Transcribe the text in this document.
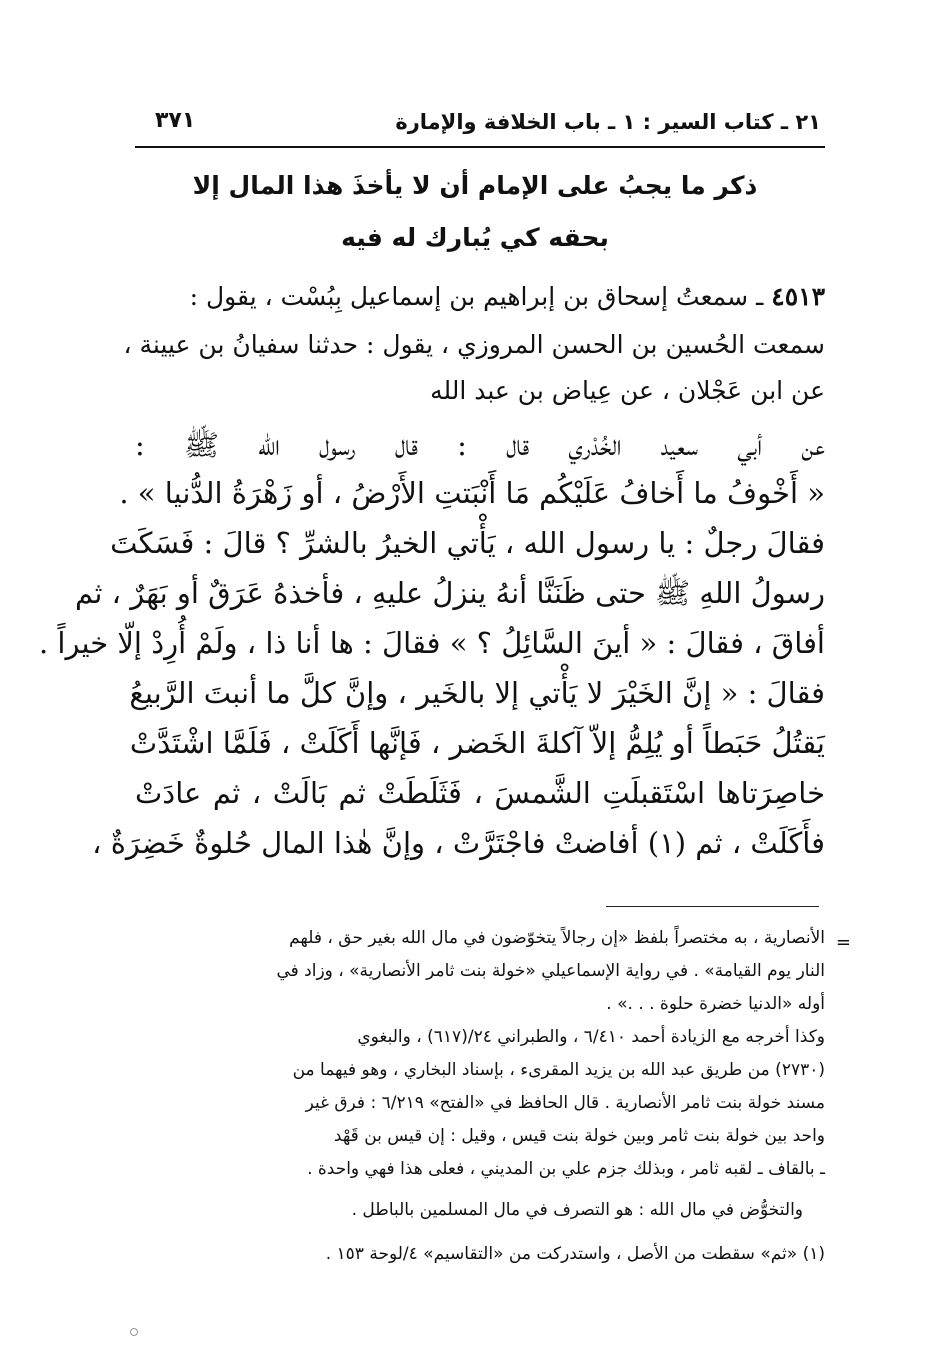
٢١ ـ كتاب السير : ١ ـ باب الخلافة والإمارة
٣٧١
ذكر ما يجبُ على الإمام أن لا يأخذَ هذا المال إلا
بحقه كي يُبارك له فيه
٤٥١٣ ـ سمعتُ إسحاق بن إبراهيم بن إسماعيل بِبُسْت ، يقول :
سمعت الحُسين بن الحسن المروزي ، يقول : حدثنا سفيانُ بن عيينة ،
عن ابن عَجْلان ، عن عِياض بن عبد الله
عن أبي سعيد الخُدْري قال : قال رسول الله ﷺ :
« أَخْوفُ ما أَخافُ عَلَيْكُم مَا أَنْبَتتِ الأَرْضُ ، أو زَهْرَةُ الدُّنيا » .
فقالَ رجلٌ : يا رسول الله ، يَأْتي الخيرُ بالشرِّ ؟ قالَ : فَسَكَتَ
رسولُ اللهِ ﷺ حتى ظَنَنَّا أنهُ ينزلُ عليهِ ، فأخذهُ عَرَقٌ أو بَهَرٌ ، ثم
أفاقَ ، فقالَ : « أينَ السَّائِلُ ؟ » فقالَ : ها أنا ذا ، ولَمْ أُرِدْ إلّا خيراً .
فقالَ : « إنَّ الخَيْرَ لا يَأْتي إلا بالخَير ، وإنَّ كلَّ ما أنبتَ الرَّبيعُ
يَقتُلُ حَبَطاً أو يُلِمُّ إلاّ آكلةَ الخَضر ، فَإنَّها أَكَلَتْ ، فَلَمَّا اشْتَدَّتْ
خاصِرَتاها اسْتَقبلَتِ الشَّمسَ ، فَثَلَطَتْ ثم بَالَتْ ، ثم عادَتْ
فأَكَلَتْ ، ثم (١) أفاضتْ فاجْتَرَّتْ ، وإنَّ هٰذا المال حُلوةٌ خَضِرَةٌ ،
=
الأنصارية ، به مختصراً بلفظ «إن رجالاً يتخوّضون في مال الله بغير حق ، فلهم
النار يوم القيامة» . في رواية الإسماعيلي «خولة بنت ثامر الأنصارية» ، وزاد في
أوله «الدنيا خضرة حلوة . . .» .
وكذا أخرجه مع الزيادة أحمد ٦/٤١٠ ، والطبراني ٢٤/(٦١٧) ، والبغوي
(٢٧٣٠) من طريق عبد الله بن يزيد المقرىء ، بإسناد البخاري ، وهو فيهما من
مسند خولة بنت ثامر الأنصارية . قال الحافظ في «الفتح» ٦/٢١٩ : فرق غير
واحد بين خولة بنت ثامر وبين خولة بنت قيس ، وقيل : إن قيس بن قَهْد
ـ بالقاف ـ لقبه ثامر ، وبذلك جزم علي بن المديني ، فعلى هذا فهي واحدة .
والتخوُّض في مال الله : هو التصرف في مال المسلمين بالباطل .
(١) «ثم» سقطت من الأصل ، واستدركت من «التقاسيم» ٤/لوحة ١٥٣ .
